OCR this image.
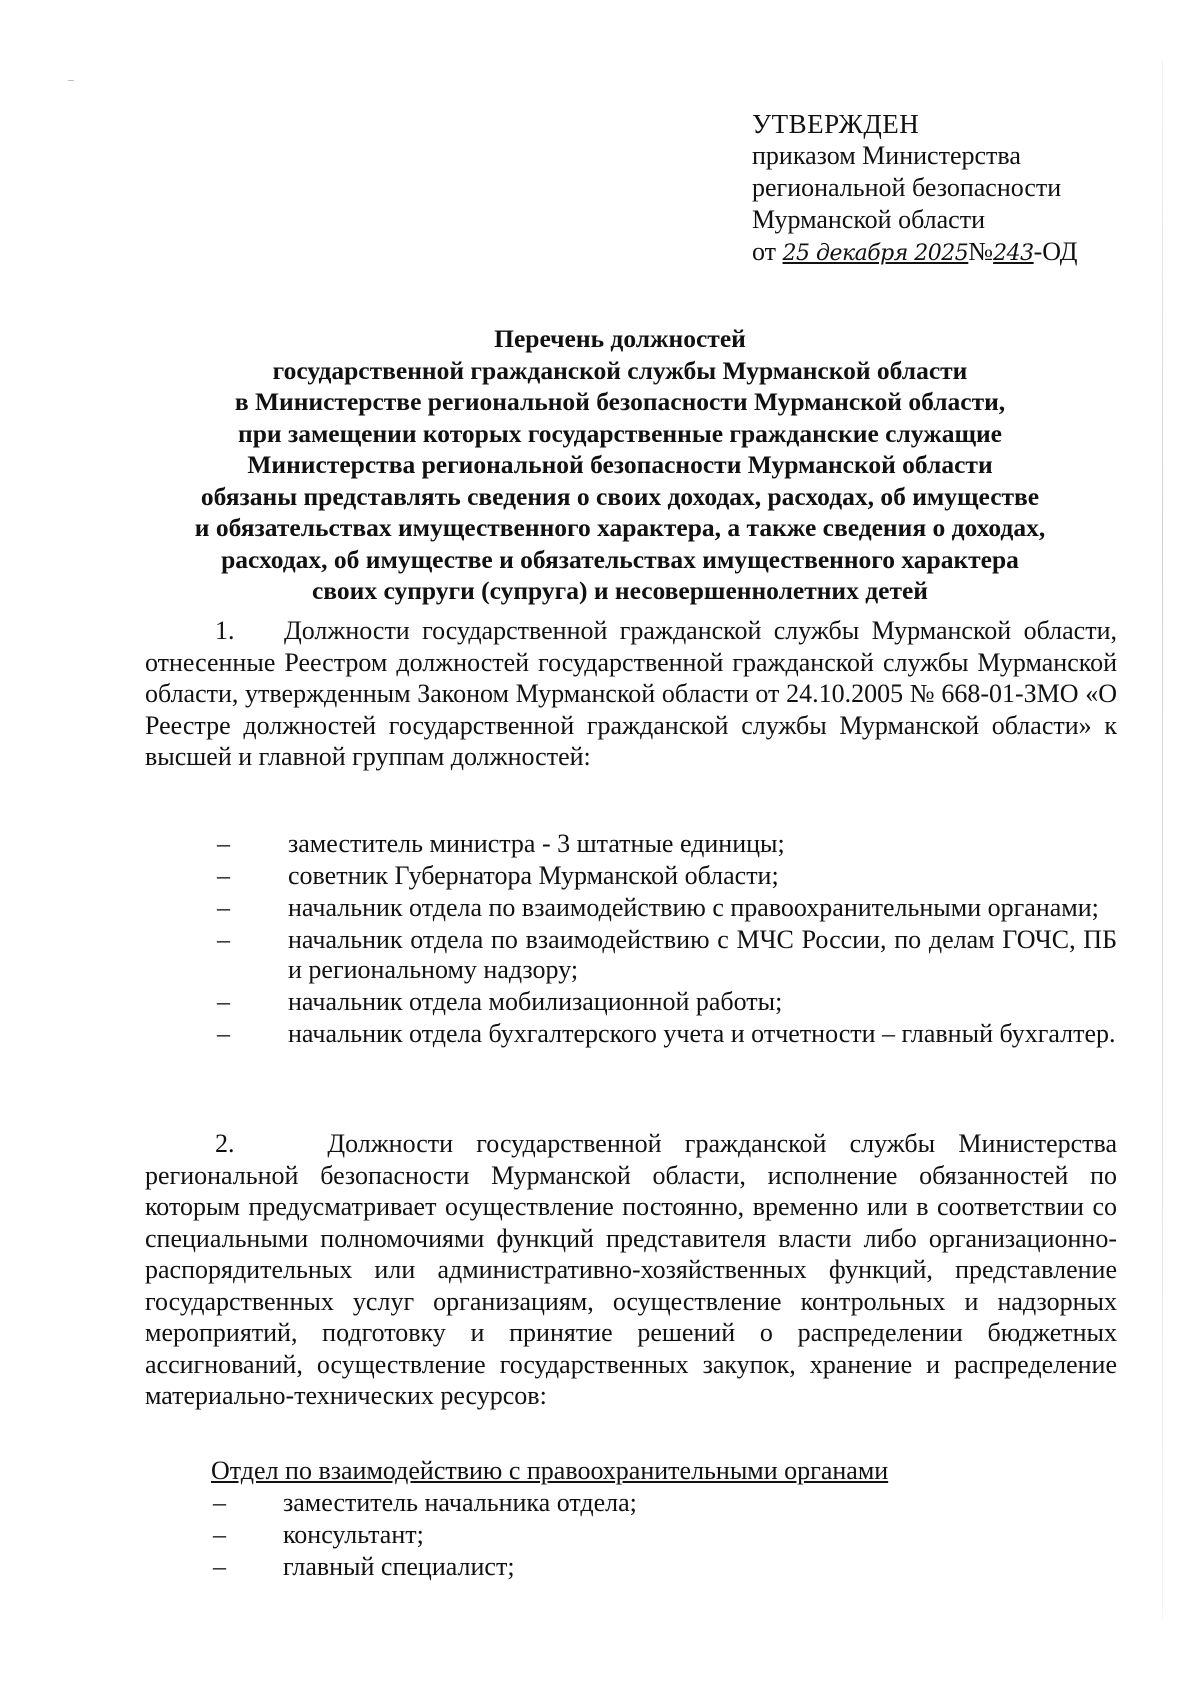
УТВЕРЖДЕН
приказом Министерства
региональной безопасности
Мурманской области
от 25 декабря 2025№243-ОД
Перечень должностей
государственной гражданской службы Мурманской области
в Министерстве региональной безопасности Мурманской области,
при замещении которых государственные гражданские служащие
Министерства региональной безопасности Мурманской области
обязаны представлять сведения о своих доходах, расходах, об имуществе
и обязательствах имущественного характера, а также сведения о доходах,
расходах, об имуществе и обязательствах имущественного характера
своих супруги (супруга) и несовершеннолетних детей
1.    Должности государственной гражданской службы Мурманской области, отнесенные Реестром должностей государственной гражданской службы Мурманской области, утвержденным Законом Мурманской области от 24.10.2005 № 668-01-ЗМО «О Реестре должностей государственной гражданской службы Мурманской области» к высшей и главной группам должностей:
– заместитель министра - 3 штатные единицы;
– советник Губернатора Мурманской области;
– начальник отдела по взаимодействию с правоохранительными органами;
– начальник отдела по взаимодействию с МЧС России, по делам ГОЧС, ПБ и региональному надзору;
– начальник отдела мобилизационной работы;
– начальник отдела бухгалтерского учета и отчетности – главный бухгалтер.
2.    Должности государственной гражданской службы Министерства региональной безопасности Мурманской области, исполнение обязанностей по которым предусматривает осуществление постоянно, временно или в соответствии со специальными полномочиями функций представителя власти либо организационно-распорядительных или административно-хозяйственных функций, представление государственных услуг организациям, осуществление контрольных и надзорных мероприятий, подготовку и принятие решений о распределении бюджетных ассигнований, осуществление государственных закупок, хранение и распределение материально-технических ресурсов:
Отдел по взаимодействию с правоохранительными органами
– заместитель начальника отдела;
– консультант;
– главный специалист;
